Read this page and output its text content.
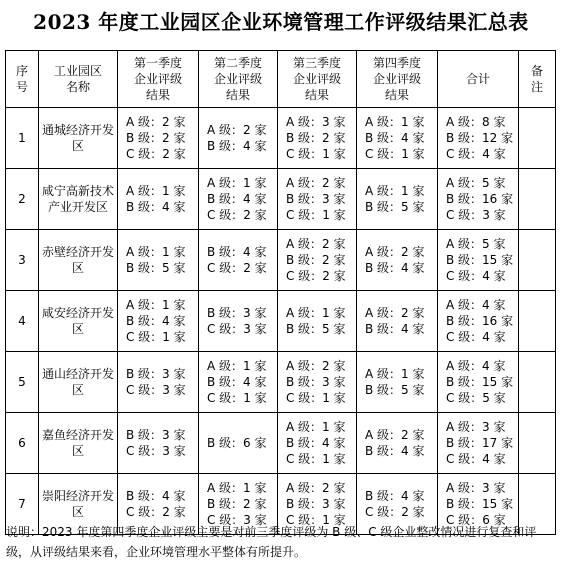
2023 年度工业园区企业环境管理工作评级结果汇总表
序号	工业园区名称	第一季度企业评级结果	第二季度企业评级结果	第三季度企业评级结果	第四季度企业评级结果	合计	备注
1	通城经济开发区	A 级：2 家
B 级：2 家
C 级：2 家	A 级：2 家
B 级：4 家	A 级：3 家
B 级：2 家
C 级：1 家	A 级：1 家
B 级：4 家
C 级：1 家	A 级：8 家
B 级：12 家
C 级：4 家	
2	咸宁高新技术产业开发区	A 级：1 家
B 级：4 家	A 级：1 家
B 级：4 家
C 级：2 家	A 级：2 家
B 级：3 家
C 级：1 家	A 级：1 家
B 级：5 家	A 级：5 家
B 级：16 家
C 级：3 家	
3	赤壁经济开发区	A 级：1 家
B 级：5 家	B 级：4 家
C 级：2 家	A 级：2 家
B 级：2 家
C 级：2 家	A 级：2 家
B 级：4 家	A 级：5 家
B 级：15 家
C 级：4 家	
4	咸安经济开发区	A 级：1 家
B 级：4 家
C 级：1 家	B 级：3 家
C 级：3 家	A 级：1 家
B 级：5 家	A 级：2 家
B 级：4 家	A 级：4 家
B 级：16 家
C 级：4 家	
5	通山经济开发区	B 级：3 家
C 级：3 家	A 级：1 家
B 级：4 家
C 级：1 家	A 级：2 家
B 级：3 家
C 级：1 家	A 级：1 家
B 级：5 家	A 级：4 家
B 级：15 家
C 级：5 家	
6	嘉鱼经济开发区	B 级：3 家
C 级：3 家	B 级：6 家	A 级：1 家
B 级：4 家
C 级：1 家	A 级：2 家
B 级：4 家	A 级：3 家
B 级：17 家
C 级：4 家	
7	崇阳经济开发区	B 级：4 家
C 级：2 家	A 级：1 家
B 级：2 家
C 级：3 家	A 级：2 家
B 级：3 家
C 级：1 家	B 级：4 家
C 级：2 家	A 级：3 家
B 级：15 家
C 级：6 家	
说明：2023 年度第四季度企业评级主要是对前三季度评级为 B 级、C 级企业整改情况进行复查和评级，从评级结果来看，企业环境管理水平整体有所提升。
